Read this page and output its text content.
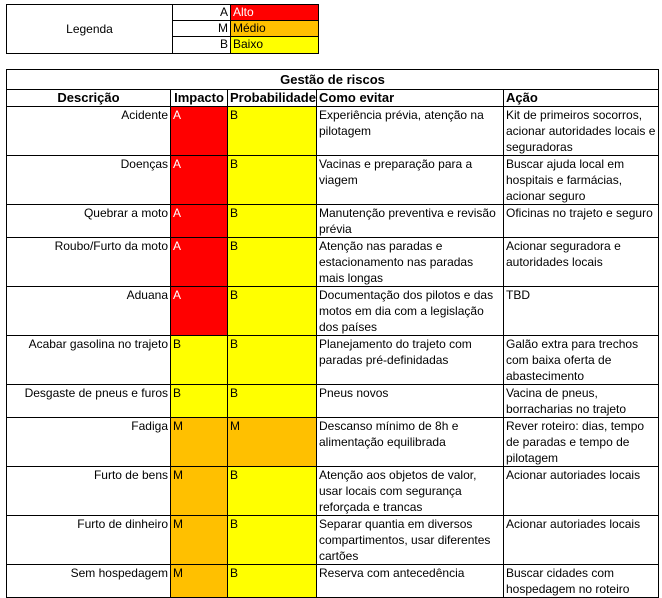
Legenda
A Alto
M Médio
B Baixo
Gestão de riscos				
Descrição	Impacto	Probabilidade	Como evitar	Ação
Acidente	A	B	Experiência prévia, atenção na pilotagem	Kit de primeiros socorros, acionar autoridades locais e seguradoras
Doenças	A	B	Vacinas e preparação para a viagem	Buscar ajuda local em hospitais e farmácias, acionar seguro
Quebrar a moto	A	B	Manutenção preventiva e revisão prévia	Oficinas no trajeto e seguro
Roubo/Furto da moto	A	B	Atenção nas paradas e estacionamento nas paradas mais longas	Acionar seguradora e autoridades locais
Aduana	A	B	Documentação dos pilotos e das motos em dia com a legislação dos países	TBD
Acabar gasolina no trajeto	B	B	Planejamento do trajeto com paradas pré-definidadas	Galão extra para trechos com baixa oferta de abastecimento
Desgaste de pneus e furos	B	B	Pneus novos	Vacina de pneus, borracharias no trajeto
Fadiga	M	M	Descanso mínimo de 8h e alimentação equilibrada	Rever roteiro: dias, tempo de paradas e tempo de pilotagem
Furto de bens	M	B	Atenção aos objetos de valor, usar locais com segurança reforçada e trancas	Acionar autoriades locais
Furto de dinheiro	M	B	Separar quantia em diversos compartimentos, usar diferentes cartões	Acionar autoriades locais
Sem hospedagem	M	B	Reserva com antecedência	Buscar cidades com hospedagem no roteiro
